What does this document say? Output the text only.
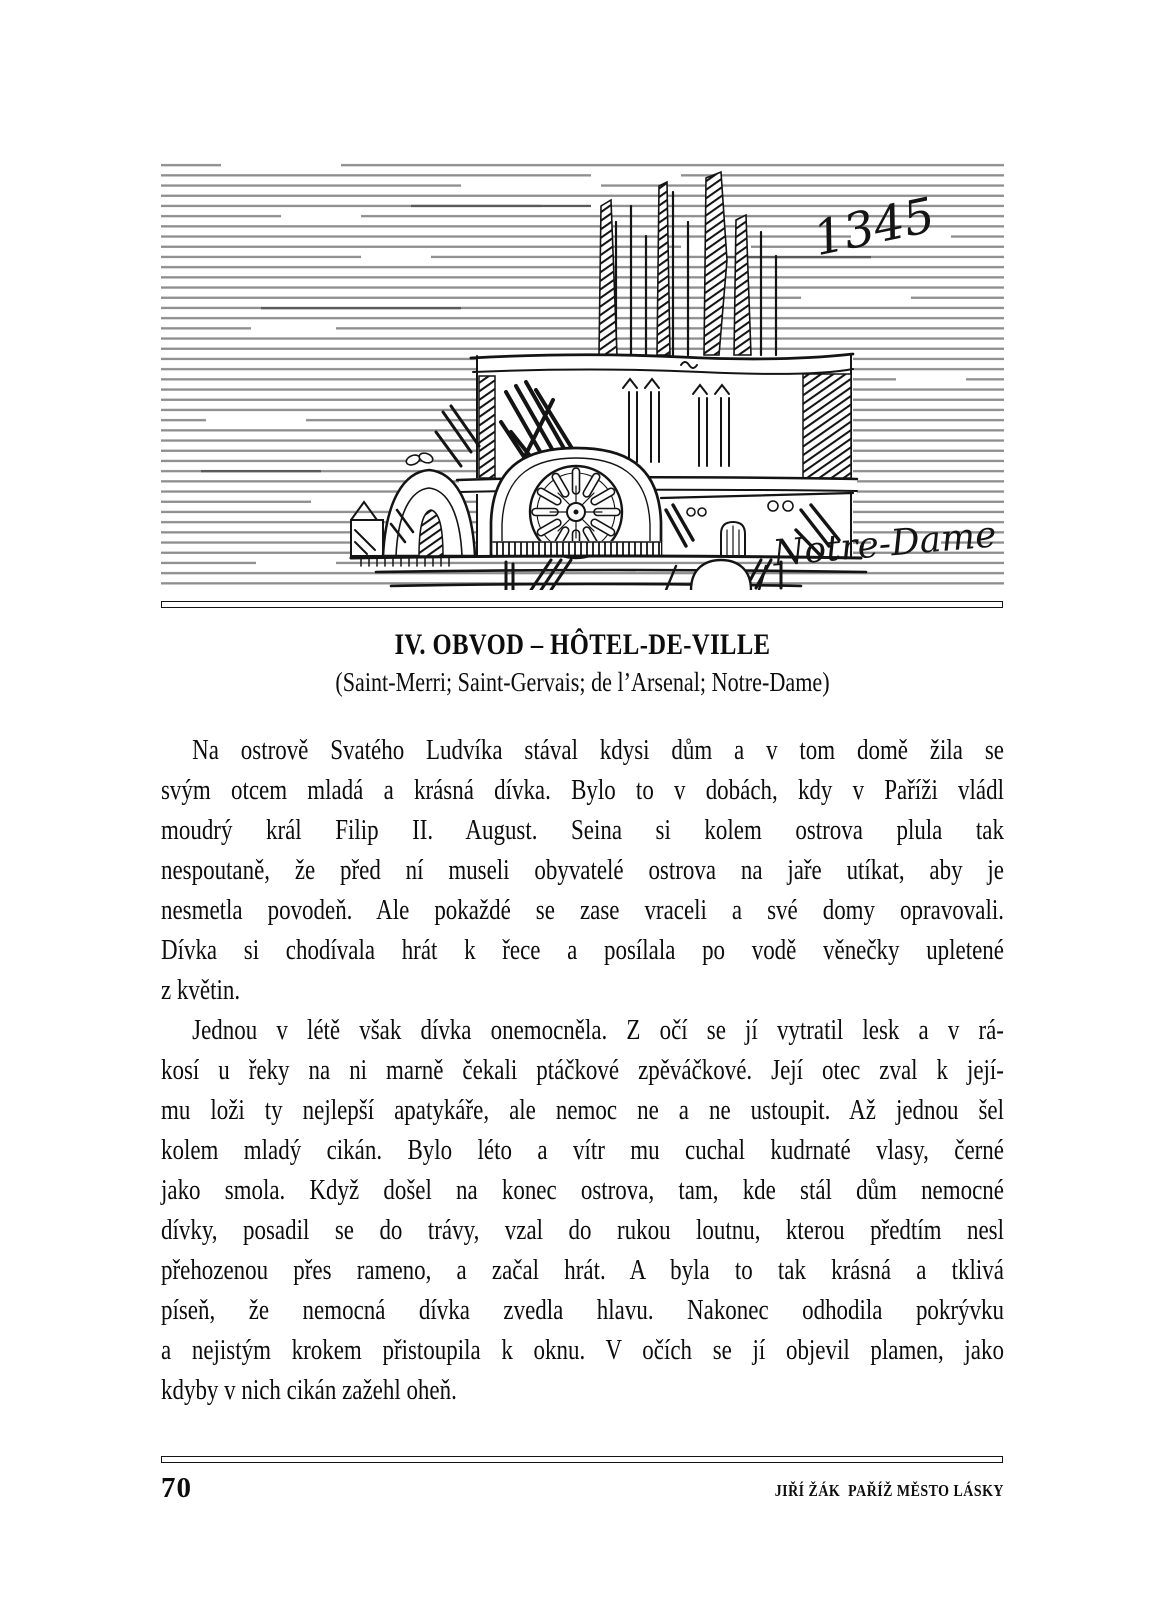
1345
Notre-Dame
IV. OBVOD – HÔTEL-DE-VILLE
(Saint-Merri; Saint-Gervais; de l’Arsenal; Notre-Dame)
Na ostrově Svatého Ludvíka stával kdysi dům a v tom domě žila se
svým otcem mladá a krásná dívka. Bylo to v dobách, kdy v Paříži vládl
moudrý král Filip II. August. Seina si kolem ostrova plula tak
nespoutaně, že před ní museli obyvatelé ostrova na jaře utíkat, aby je
nesmetla povodeň. Ale pokaždé se zase vraceli a své domy opravovali.
Dívka si chodívala hrát k řece a posílala po vodě věnečky upletené
z květin.
Jednou v létě však dívka onemocněla. Z očí se jí vytratil lesk a v rá-
kosí u řeky na ni marně čekali ptáčkové zpěváčkové. Její otec zval k její-
mu loži ty nejlepší apatykáře, ale nemoc ne a ne ustoupit. Až jednou šel
kolem mladý cikán. Bylo léto a vítr mu cuchal kudrnaté vlasy, černé
jako smola. Když došel na konec ostrova, tam, kde stál dům nemocné
dívky, posadil se do trávy, vzal do rukou loutnu, kterou předtím nesl
přehozenou přes rameno, a začal hrát. A byla to tak krásná a tklivá
píseň, že nemocná dívka zvedla hlavu. Nakonec odhodila pokrývku
a nejistým krokem přistoupila k oknu. V očích se jí objevil plamen, jako
kdyby v nich cikán zažehl oheň.
70	JIŘÍ ŽÁK  PAŘÍŽ MĚSTO LÁSKY
